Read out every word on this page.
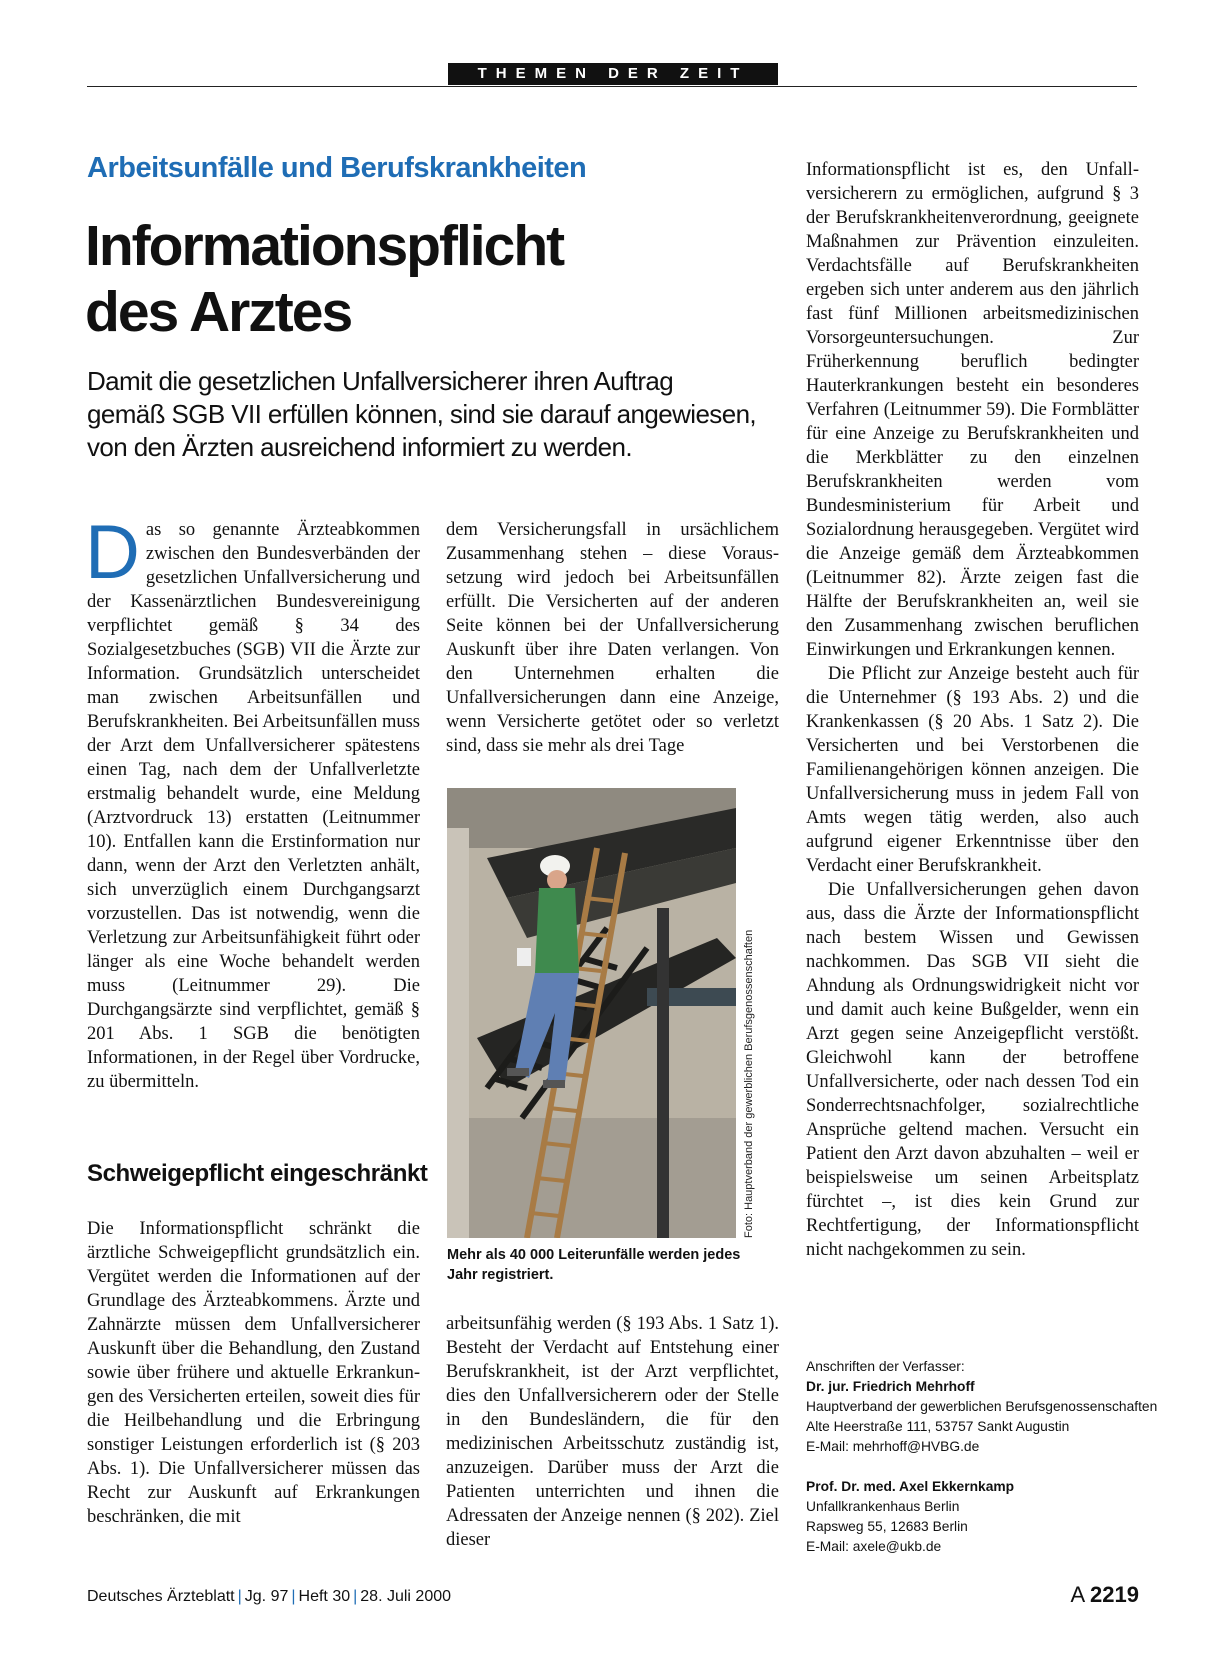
THEMEN DER ZEIT
Arbeitsunfälle und Berufskrankheiten
Informationspflicht
des Arztes
Damit die gesetzlichen Unfallversicherer ihren Auftrag
gemäß SGB VII erfüllen können, sind sie darauf angewiesen,
von den Ärzten ausreichend informiert zu werden.

Das so genannte Ärzteabkommen zwischen den Bundesverbänden der gesetzlichen Unfallversicherung und der Kassenärztlichen Bundesvereinigung verpflichtet gemäß § 34 des Sozialgesetzbuches (SGB) VII die Ärzte zur Information. Grundsätzlich unterscheidet man zwischen Arbeitsunfällen und Berufskrankheiten. Bei Arbeitsunfällen muss der Arzt dem Unfallversicherer spätestens einen Tag, nach dem der Unfallverletzte erstmalig behandelt wurde, eine Meldung (Arztvordruck 13) erstatten (Leitnummer 10). Entfallen kann die Erstinformation nur dann, wenn der Arzt den Verletzten anhält, sich unverzüglich einem Durchgangsarzt vorzustellen. Das ist notwendig, wenn die Verletzung zur Arbeitsunfähigkeit führt oder länger als eine Woche behandelt werden muss (Leitnummer 29). Die Durchgangsärzte sind verpflichtet, gemäß § 201 Abs. 1 SGB die benötigten Informationen, in der Regel über Vordrucke, zu übermitteln.

Schweigepflicht eingeschränkt

Die Informationspflicht schränkt die ärztliche Schweigepflicht grundsätzlich ein. Vergütet werden die Informationen auf der Grundlage des Ärzteabkommens. Ärzte und Zahnärzte müssen dem Unfallversicherer Auskunft über die Behandlung, den Zustand sowie über frühere und aktuelle Erkrankungen des Versicherten erteilen, soweit dies für die Heilbehandlung und die Erbringung sonstiger Leistungen erforderlich ist (§ 203 Abs. 1). Die Unfallversicherer müssen das Recht zur Auskunft auf Erkrankungen beschränken, die mit

dem Versicherungsfall in ursächlichem Zusammenhang stehen – diese Voraussetzung wird jedoch bei Arbeitsunfällen erfüllt. Die Versicherten auf der anderen Seite können bei der Unfallversicherung Auskunft über ihre Daten verlangen. Von den Unternehmen erhalten die Unfallversicherungen dann eine Anzeige, wenn Versicherte getötet oder so verletzt sind, dass sie mehr als drei Tage

Foto: Hauptverband der gewerblichen Berufsgenossenschaften
Mehr als 40 000 Leiterunfälle werden jedes Jahr registriert.

arbeitsunfähig werden (§ 193 Abs. 1 Satz 1). Besteht der Verdacht auf Entstehung einer Berufskrankheit, ist der Arzt verpflichtet, dies den Unfallversicherern oder der Stelle in den Bundesländern, die für den medizinischen Arbeitsschutz zuständig ist, anzuzeigen. Darüber muss der Arzt die Patienten unterrichten und ihnen die Adressaten der Anzeige nennen (§ 202). Ziel dieser

Informationspflicht ist es, den Unfallversicherern zu ermöglichen, aufgrund § 3 der Berufskrankheitenverordnung, geeignete Maßnahmen zur Prävention einzuleiten. Verdachtsfälle auf Berufskrankheiten ergeben sich unter anderem aus den jährlich fast fünf Millionen arbeitsmedizinischen Vorsorgeuntersuchungen. Zur Früherkennung beruflich bedingter Hauterkrankungen besteht ein besonderes Verfahren (Leitnummer 59). Die Formblätter für eine Anzeige zu Berufskrankheiten und die Merkblätter zu den einzelnen Berufskrankheiten werden vom Bundesministerium für Arbeit und Sozialordnung herausgegeben. Vergütet wird die Anzeige gemäß dem Ärzteabkommen (Leitnummer 82). Ärzte zeigen fast die Hälfte der Berufskrankheiten an, weil sie den Zusammenhang zwischen beruflichen Einwirkungen und Erkrankungen kennen.

Die Pflicht zur Anzeige besteht auch für die Unternehmer (§ 193 Abs. 2) und die Krankenkassen (§ 20 Abs. 1 Satz 2). Die Versicherten und bei Verstorbenen die Familienangehörigen können anzeigen. Die Unfallversicherung muss in jedem Fall von Amts wegen tätig werden, also auch aufgrund eigener Erkenntnisse über den Verdacht einer Berufskrankheit.

Die Unfallversicherungen gehen davon aus, dass die Ärzte der Informationspflicht nach bestem Wissen und Gewissen nachkommen. Das SGB VII sieht die Ahndung als Ordnungswidrigkeit nicht vor und damit auch keine Bußgelder, wenn ein Arzt gegen seine Anzeigepflicht verstößt. Gleichwohl kann der betroffene Unfallversicherte, oder nach dessen Tod ein Sonderrechtsnachfolger, sozialrechtliche Ansprüche geltend machen. Versucht ein Patient den Arzt davon abzuhalten – weil er beispielsweise um seinen Arbeitsplatz fürchtet –, ist dies kein Grund zur Rechtfertigung, der Informationspflicht nicht nachgekommen zu sein.

Anschriften der Verfasser:
Dr. jur. Friedrich Mehrhoff
Hauptverband der gewerblichen Berufsgenossenschaften
Alte Heerstraße 111, 53757 Sankt Augustin
E-Mail: mehrhoff@HVBG.de
Prof. Dr. med. Axel Ekkernkamp
Unfallkrankenhaus Berlin
Rapsweg 55, 12683 Berlin
E-Mail: axele@ukb.de
Deutsches Ärzteblatt | Jg. 97 | Heft 30 | 28. Juli 2000	A 2219
